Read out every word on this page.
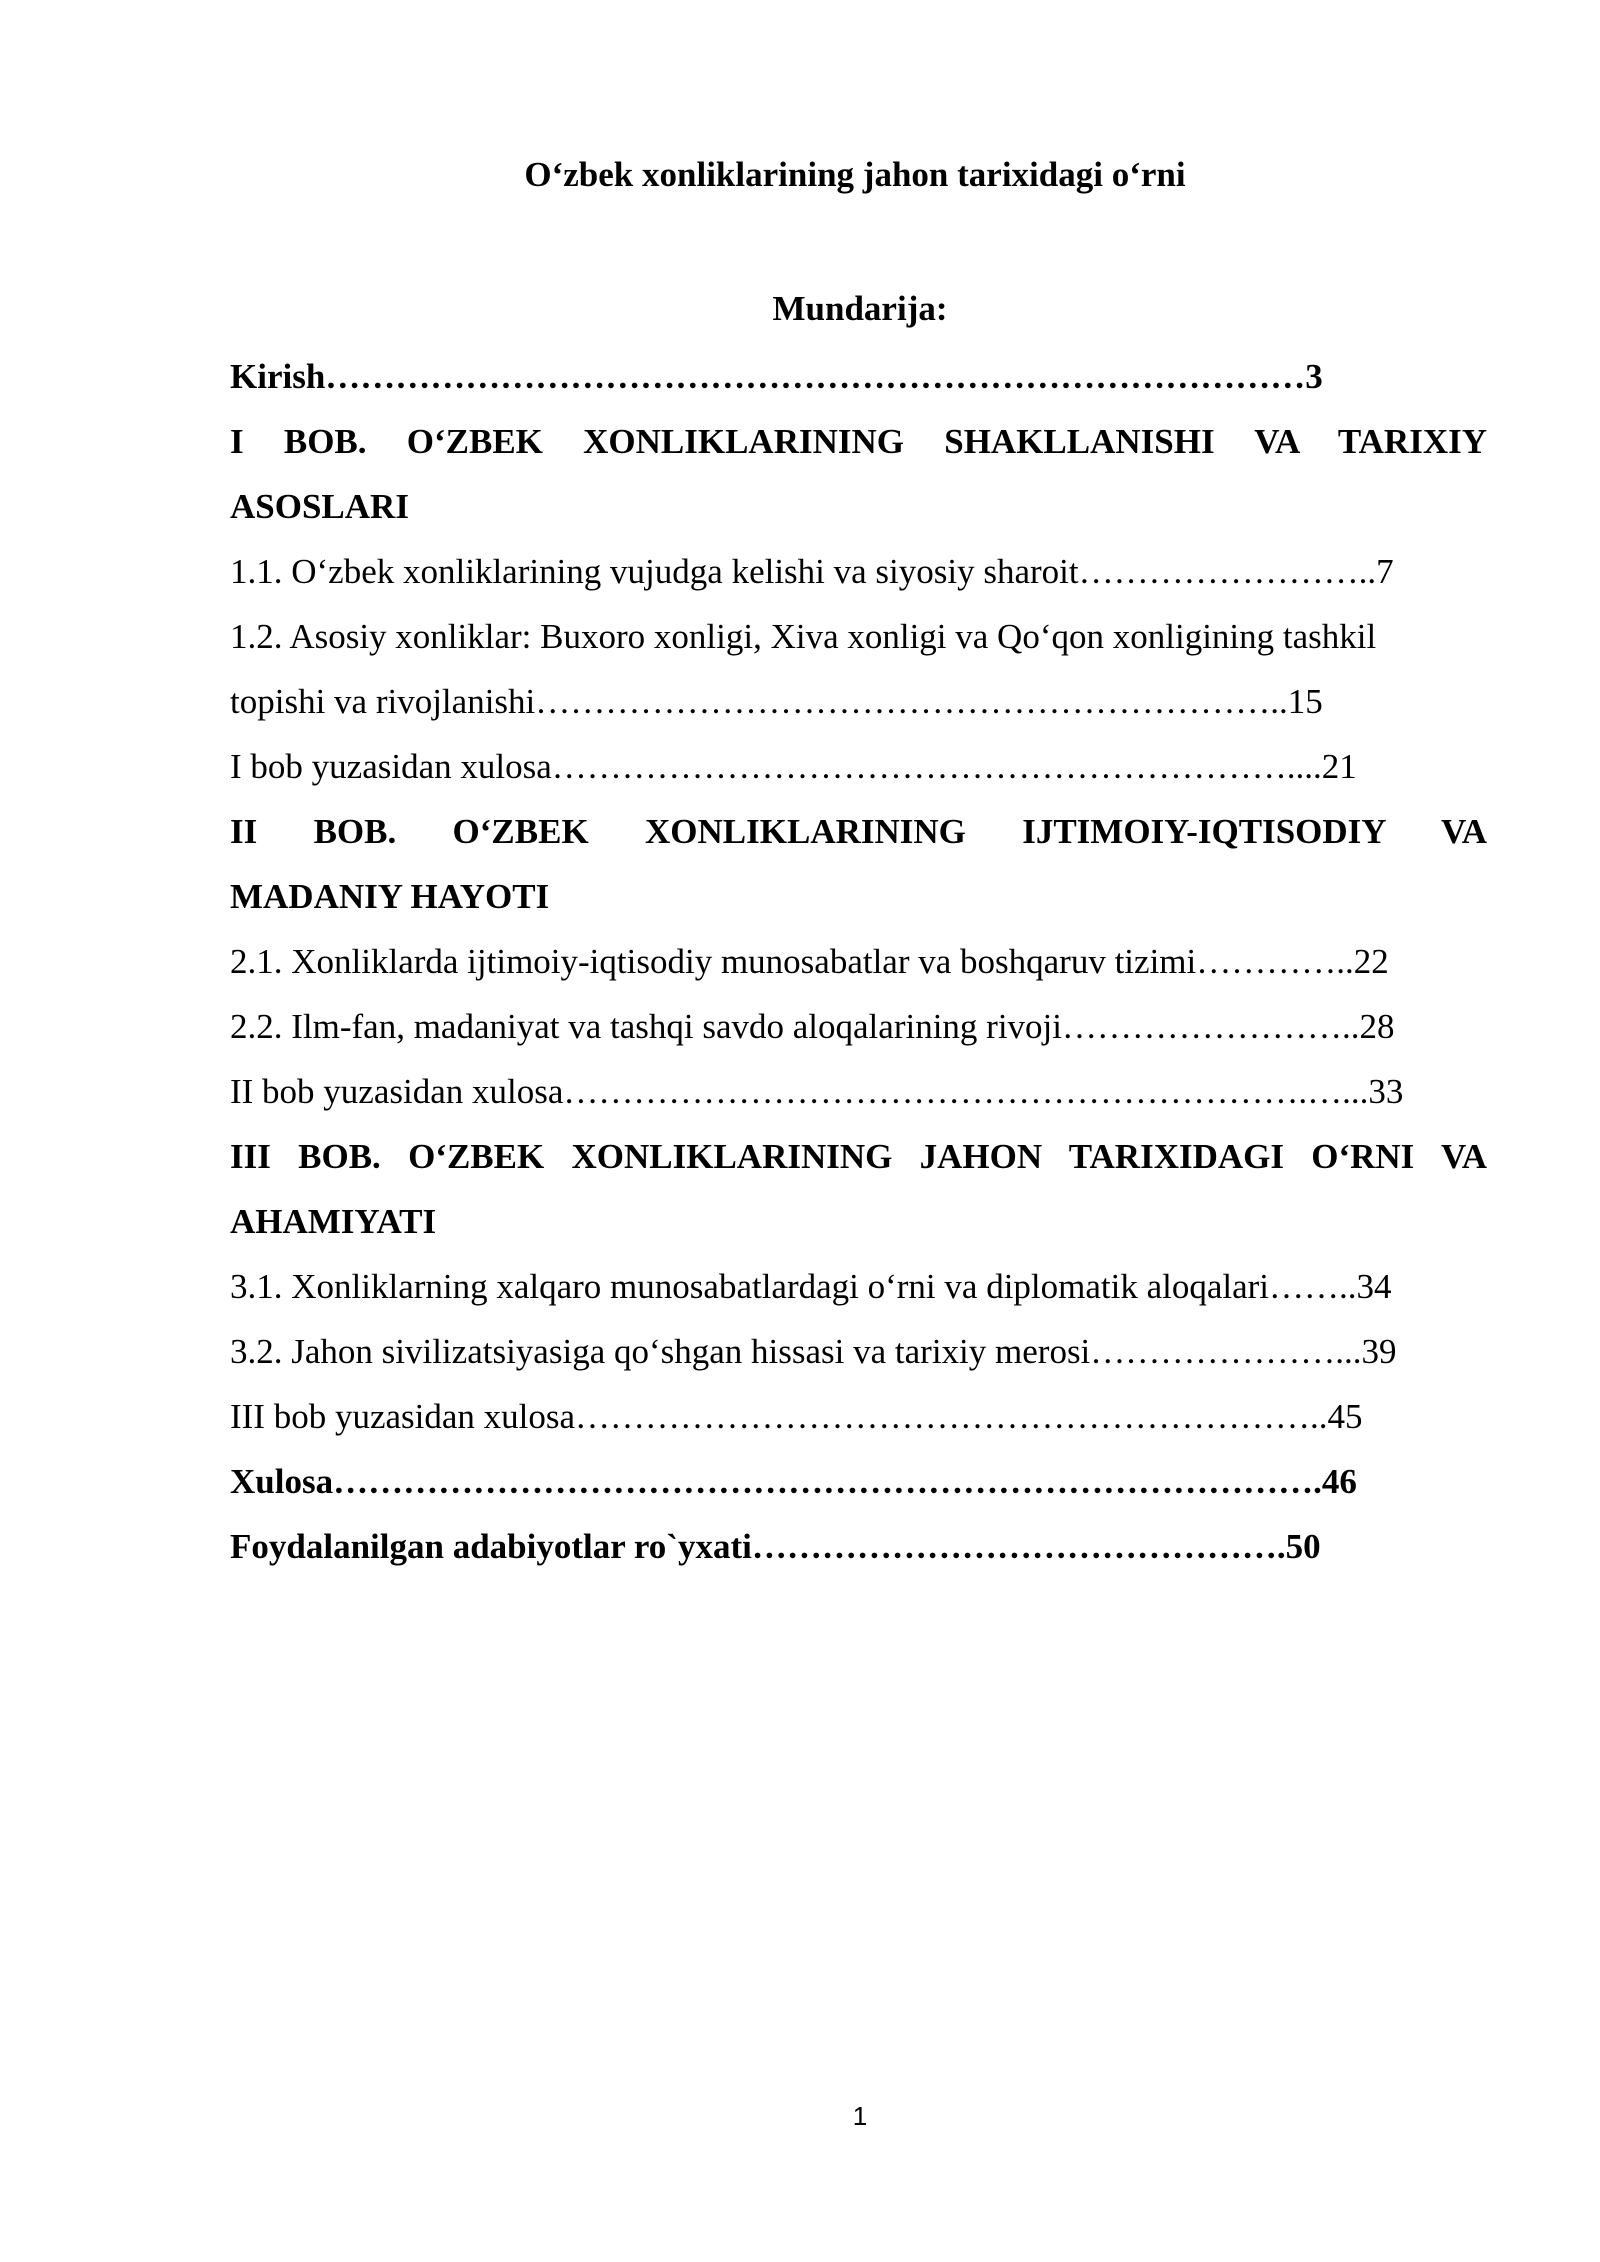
O‘zbek xonliklarining jahon tarixidagi o‘rni
Mundarija:
Kirish…………………………………………………………………………3
I BOB. O‘ZBEK XONLIKLARINING SHAKLLANISHI VA TARIXIY
ASOSLARI
1.1. O‘zbek xonliklarining vujudga kelishi va siyosiy sharoit……………………..7
1.2. Asosiy xonliklar: Buxoro xonligi, Xiva xonligi va Qo‘qon xonligining tashkil
topishi va rivojlanishi………………………………………………………..15
I bob yuzasidan xulosa………………………………………………………....21
II BOB. O‘ZBEK XONLIKLARINING IJTIMOIY-IQTISODIY VA
MADANIY HAYOTI
2.1. Xonliklarda ijtimoiy-iqtisodiy munosabatlar va boshqaruv tizimi…………..22
2.2. Ilm-fan, madaniyat va tashqi savdo aloqalarining rivoji……………………..28
II bob yuzasidan xulosa……………………………………………………….…...33
III BOB. O‘ZBEK XONLIKLARINING JAHON TARIXIDAGI O‘RNI VA
AHAMIYATI
3.1. Xonliklarning xalqaro munosabatlardagi o‘rni va diplomatik aloqalari……..34
3.2. Jahon sivilizatsiyasiga qo‘shgan hissasi va tarixiy merosi…………………...39
III bob yuzasidan xulosa………………………………………………………..45
Xulosa………………………………………………………………………….46
Foydalanilgan adabiyotlar ro`yxati……………………………………….50
1
